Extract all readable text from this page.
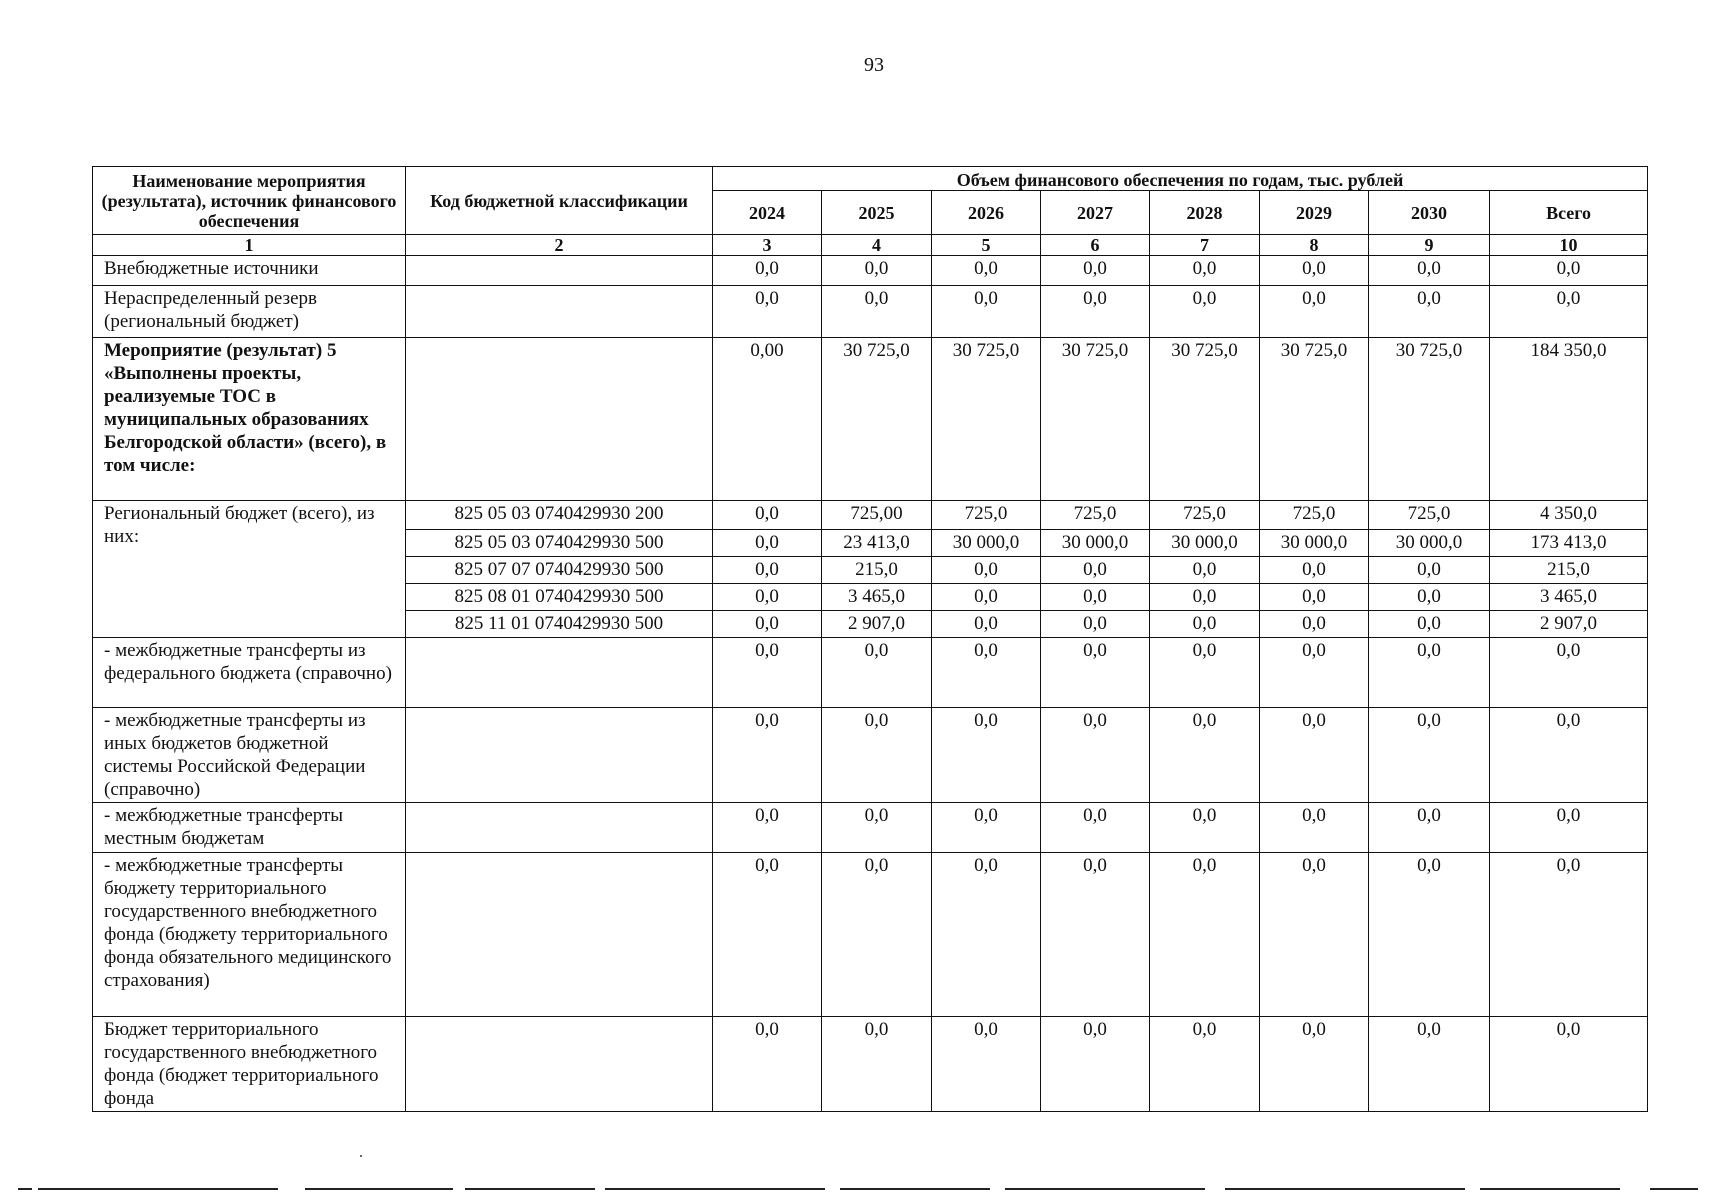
93
Наименование мероприятия (результата), источник финансового обеспечения	Код бюджетной классификации	Объем финансового обеспечения по годам, тыс. рублей							
		2024	2025	2026	2027	2028	2029	2030	Всего
1	2	3	4	5	6	7	8	9	10
Внебюджетные источники		0,0	0,0	0,0	0,0	0,0	0,0	0,0	0,0
Нераспределенный резерв (региональный бюджет)		0,0	0,0	0,0	0,0	0,0	0,0	0,0	0,0
Мероприятие (результат) 5 «Выполнены проекты, реализуемые ТОС в муниципальных образованиях Белгородской области» (всего), в том числе:		0,00	30 725,0	30 725,0	30 725,0	30 725,0	30 725,0	30 725,0	184 350,0
Региональный бюджет (всего), из них:	825 05 03 0740429930 200	0,0	725,00	725,0	725,0	725,0	725,0	725,0	4 350,0
	825 05 03 0740429930 500	0,0	23 413,0	30 000,0	30 000,0	30 000,0	30 000,0	30 000,0	173 413,0
	825 07 07 0740429930 500	0,0	215,0	0,0	0,0	0,0	0,0	0,0	215,0
	825 08 01 0740429930 500	0,0	3 465,0	0,0	0,0	0,0	0,0	0,0	3 465,0
	825 11 01 0740429930 500	0,0	2 907,0	0,0	0,0	0,0	0,0	0,0	2 907,0
- межбюджетные трансферты из федерального бюджета (справочно)		0,0	0,0	0,0	0,0	0,0	0,0	0,0	0,0
- межбюджетные трансферты из иных бюджетов бюджетной системы Российской Федерации (справочно)		0,0	0,0	0,0	0,0	0,0	0,0	0,0	0,0
- межбюджетные трансферты местным бюджетам		0,0	0,0	0,0	0,0	0,0	0,0	0,0	0,0
- межбюджетные трансферты бюджету территориального государственного внебюджетного фонда (бюджету территориального фонда обязательного медицинского страхования)		0,0	0,0	0,0	0,0	0,0	0,0	0,0	0,0
Бюджет территориального государственного внебюджетного фонда (бюджет территориального фонда		0,0	0,0	0,0	0,0	0,0	0,0	0,0	0,0
